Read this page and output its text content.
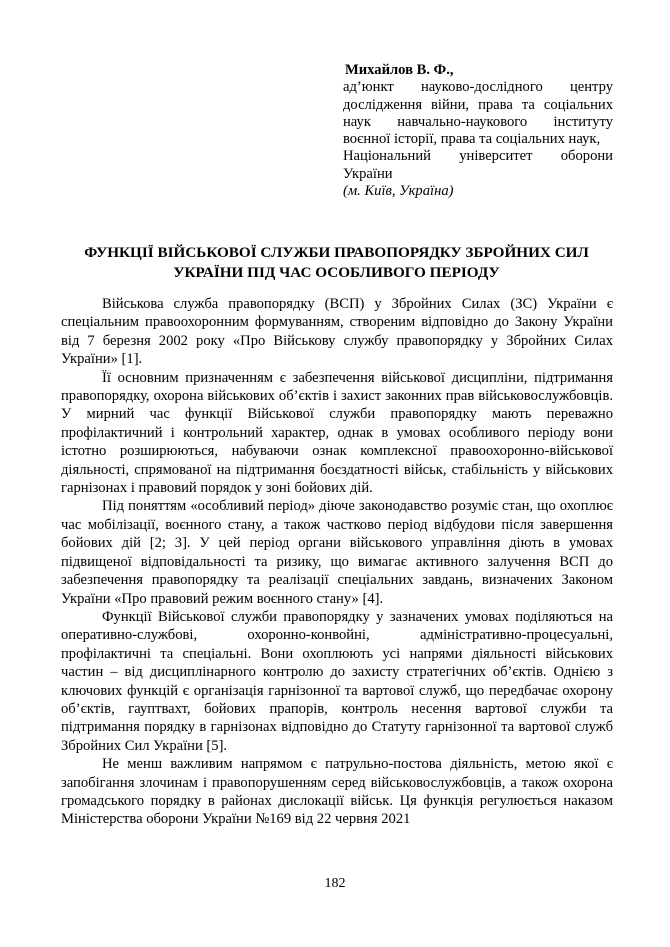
Михайлов В. Ф.,
ад’юнкт науково-дослідного центру дослідження війни, права та соціальних наук навчально-наукового інституту воєнної історії, права та соціальних наук,
Національний університет оборони України
(м. Київ, Україна)
ФУНКЦІЇ ВІЙСЬКОВОЇ СЛУЖБИ ПРАВОПОРЯДКУ ЗБРОЙНИХ СИЛ УКРАЇНИ ПІД ЧАС ОСОБЛИВОГО ПЕРІОДУ

Військова служба правопорядку (ВСП) у Збройних Силах (ЗС) України є спеціальним правоохоронним формуванням, створеним відповідно до Закону України від 7 березня 2002 року «Про Військову службу правопорядку у Збройних Силах України» [1].

Її основним призначенням є забезпечення військової дисципліни, підтримання правопорядку, охорона військових об’єктів і захист законних прав військовослужбовців. У мирний час функції Військової служби правопорядку мають переважно профілактичний і контрольний характер, однак в умовах особливого періоду вони істотно розширюються, набуваючи ознак комплексної правоохоронно-військової діяльності, спрямованої на підтримання боєздатності військ, стабільність у військових гарнізонах і правовий порядок у зоні бойових дій.

Під поняттям «особливий період» діюче законодавство розуміє стан, що охоплює час мобілізації, воєнного стану, а також частково період відбудови після завершення бойових дій [2; 3]. У цей період органи військового управління діють в умовах підвищеної відповідальності та ризику, що вимагає активного залучення ВСП до забезпечення правопорядку та реалізації спеціальних завдань, визначених Законом України «Про правовий режим воєнного стану» [4].

Функції Військової служби правопорядку у зазначених умовах поділяються на оперативно-службові, охоронно-конвойні, адміністративно-процесуальні, профілактичні та спеціальні. Вони охоплюють усі напрями діяльності військових частин – від дисциплінарного контролю до захисту стратегічних об’єктів. Однією з ключових функцій є організація гарнізонної та вартової служб, що передбачає охорону об’єктів, гауптвахт, бойових прапорів, контроль несення вартової служби та підтримання порядку в гарнізонах відповідно до Статуту гарнізонної та вартової служб Збройних Сил України [5].

Не менш важливим напрямом є патрульно-постова діяльність, метою якої є запобігання злочинам і правопорушенням серед військовослужбовців, а також охорона громадського порядку в районах дислокації військ. Ця функція регулюється наказом Міністерства оборони України №169 від 22 червня 2021

182
